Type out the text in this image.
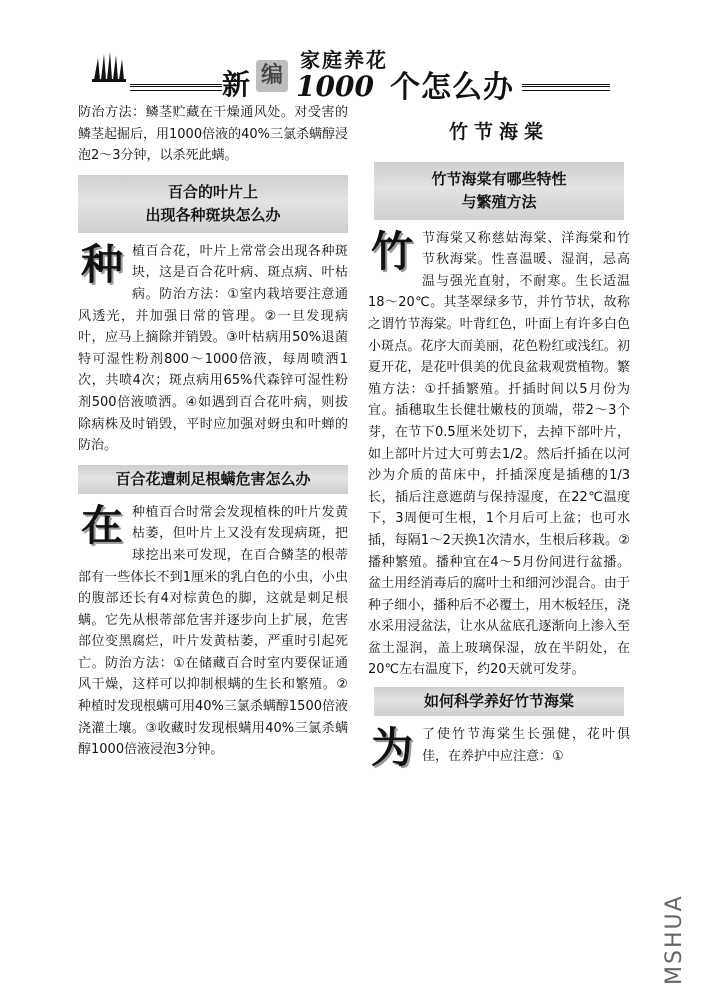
新 编
家庭养花
1000 个怎么办

防治方法：鳞茎贮藏在干燥通风处。对受害的鳞茎起掘后，用1000倍液的40%三氯杀螨醇浸泡2～3分钟，以杀死此螨。

百合的叶片上
出现各种斑块怎么办

种植百合花，叶片上常常会出现各种斑块，这是百合花叶病、斑点病、叶枯病。防治方法：①室内栽培要注意通风透光，并加强日常的管理。②一旦发现病叶，应马上摘除并销毁。③叶枯病用50%退菌特可湿性粉剂800～1000倍液，每周喷洒1次，共喷4次；斑点病用65%代森锌可湿性粉剂500倍液喷洒。④如遇到百合花叶病，则拔除病株及时销毁，平时应加强对蚜虫和叶蝉的防治。

百合花遭刺足根螨危害怎么办

在种植百合时常会发现植株的叶片发黄枯萎，但叶片上又没有发现病斑，把球挖出来可发现，在百合鳞茎的根蒂部有一些体长不到1厘米的乳白色的小虫，小虫的腹部还长有4对棕黄色的脚，这就是刺足根螨。它先从根蒂部危害并逐步向上扩展，危害部位变黑腐烂，叶片发黄枯萎，严重时引起死亡。防治方法：①在储藏百合时室内要保证通风干燥，这样可以抑制根螨的生长和繁殖。②种植时发现根螨可用40%三氯杀螨醇1500倍液浇灌土壤。③收藏时发现根螨用40%三氯杀螨醇1000倍液浸泡3分钟。

竹节海棠
竹节海棠有哪些特性
与繁殖方法

竹节海棠又称慈姑海棠、洋海棠和竹节秋海棠。性喜温暖、湿润，忌高温与强光直射，不耐寒。生长适温18～20℃。其茎翠绿多节，并竹节状，故称之谓竹节海棠。叶背红色，叶面上有许多白色小斑点。花序大而美丽，花色粉红或浅红。初夏开花，是花叶俱美的优良盆栽观赏植物。繁殖方法：①扦插繁殖。扦插时间以5月份为宜。插穗取生长健壮嫩枝的顶端，带2～3个芽，在节下0.5厘米处切下，去掉下部叶片，如上部叶片过大可剪去1/2。然后扦插在以河沙为介质的苗床中，扦插深度是插穗的1/3长，插后注意遮荫与保持湿度，在22℃温度下，3周便可生根，1个月后可上盆；也可水插，每隔1～2天换1次清水，生根后移栽。②播种繁殖。播种宜在4～5月份间进行盆播。盆土用经消毒后的腐叶土和细河沙混合。由于种子细小，播种后不必覆土，用木板轻压，浇水采用浸盆法，让水从盆底孔逐渐向上渗入至盆土湿润，盖上玻璃保湿，放在半阴处，在20℃左右温度下，约20天就可发芽。

如何科学养好竹节海棠

为了使竹节海棠生长强健，花叶俱佳，在养护中应注意：①

MSHUA
